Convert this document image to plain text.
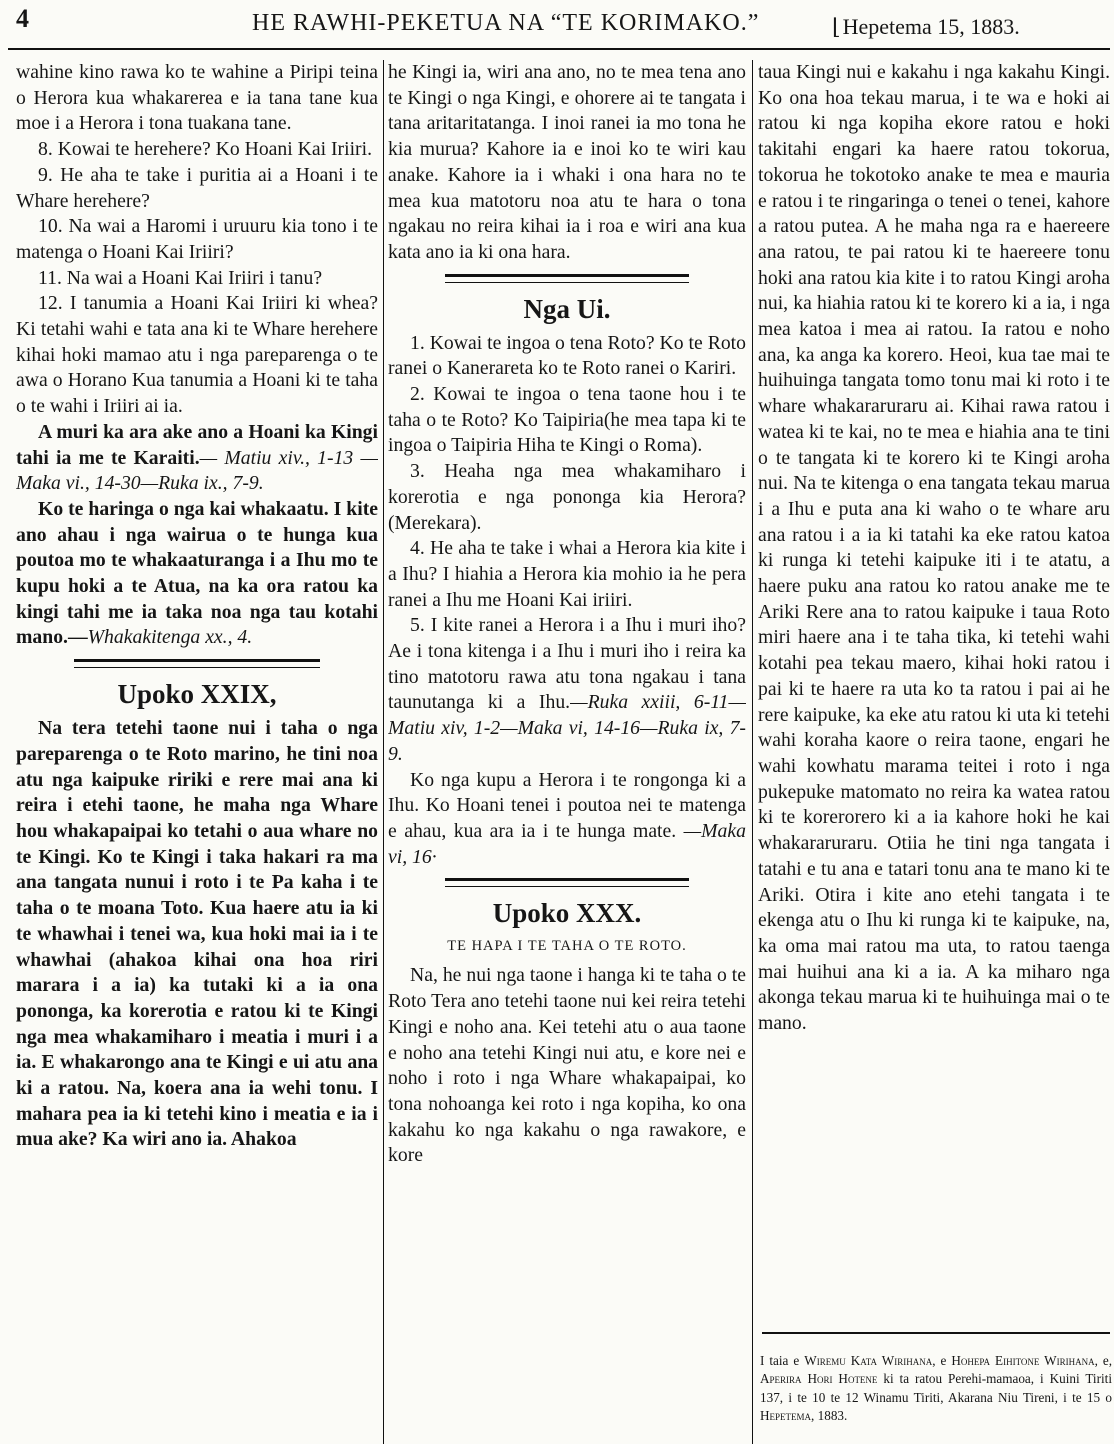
4	HE RAWHI-PEKETUA NA “TE KORIMAKO.”
⌊	Hepetema 15, 1883.

wahine kino rawa ko te wahine a Piripi teina o Herora kua whakarerea e ia tana tane kua moe i a Herora i tona tuakana tane.

8. Kowai te herehere? Ko Hoani Kai Iriiri.

9. He aha te take i puritia ai a Hoani i te Whare herehere?

10. Na wai a Haromi i uruuru kia tono i te matenga o Hoani Kai Iriiri?

11. Na wai a Hoani Kai Iriiri i tanu?

12. I tanumia a Hoani Kai Iriiri ki whea? Ki tetahi wahi e tata ana ki te Whare herehere kihai hoki mamao atu i nga pareparenga o te awa o Horano Kua tanumia a Hoani ki te taha o te wahi i Iriiri ai ia.

A muri ka ara ake ano a Hoani ka Kingi tahi ia me te Karaiti.— Matiu xiv., 1-13 — Maka vi., 14-30—Ruka ix., 7-9.

Ko te haringa o nga kai whakaatu. I kite ano ahau i nga wairua o te hunga kua poutoa mo te whakaaturanga i a Ihu mo te kupu hoki a te Atua, na ka ora ratou ka kingi tahi me ia taka noa nga tau kotahi mano.—Whakakitenga xx., 4.

Upoko XXIX,

Na tera tetehi taone nui i taha o nga pareparenga o te Roto marino, he tini noa atu nga kaipuke ririki e rere mai ana ki reira i etehi taone, he maha nga Whare hou whakapaipai ko tetahi o aua whare no te Kingi. Ko te Kingi i taka hakari ra ma ana tangata nunui i roto i te Pa kaha i te taha o te moana Toto. Kua haere atu ia ki te whawhai i tenei wa, kua hoki mai ia i te whawhai (ahakoa kihai ona hoa riri marara i a ia) ka tutaki ki a ia ona pononga, ka korerotia e ratou ki te Kingi nga mea whakamiharo i meatia i muri i a ia. E whakarongo ana te Kingi e ui atu ana ki a ratou. Na, koera ana ia wehi tonu. I mahara pea ia ki tetehi kino i meatia e ia i mua ake? Ka wiri ano ia. Ahakoa

he Kingi ia, wiri ana ano, no te mea tena ano te Kingi o nga Kingi, e ohorere ai te tangata i tana aritaritatanga. I inoi ranei ia mo tona he kia murua? Kahore ia e inoi ko te wiri kau anake. Kahore ia i whaki i ona hara no te mea kua matotoru noa atu te hara o tona ngakau no reira kihai ia i roa e wiri ana kua kata ano ia ki ona hara.

Nga Ui.

1. Kowai te ingoa o tena Roto? Ko te Roto ranei o Kanerareta ko te Roto ranei o Kariri.

2. Kowai te ingoa o tena taone hou i te taha o te Roto? Ko Taipiria(he mea tapa ki te ingoa o Taipiria Hiha te Kingi o Roma).

3. Heaha nga mea whakamiharo i korerotia e nga pononga kia Herora? (Merekara).

4. He aha te take i whai a Herora kia kite i a Ihu? I hiahia a Herora kia mohio ia he pera ranei a Ihu me Hoani Kai iriiri.

5. I kite ranei a Herora i a Ihu i muri iho? Ae i tona kitenga i a Ihu i muri iho i reira ka tino matotoru rawa atu tona ngakau i tana taunutanga ki a Ihu.—Ruka xxiii, 6-11—Matiu xiv, 1-2—Maka vi, 14-16—Ruka ix, 7-9.

Ko nga kupu a Herora i te rongonga ki a Ihu. Ko Hoani tenei i poutoa nei te matenga e ahau, kua ara ia i te hunga mate. —Maka vi, 16·

Upoko XXX.

TE HAPA I TE TAHA O TE ROTO.

Na, he nui nga taone i hanga ki te taha o te Roto Tera ano tetehi taone nui kei reira tetehi Kingi e noho ana. Kei tetehi atu o aua taone e noho ana tetehi Kingi nui atu, e kore nei e noho i roto i nga Whare whakapaipai, ko tona nohoanga kei roto i nga kopiha, ko ona kakahu ko nga kakahu o nga rawakore, e kore

taua Kingi nui e kakahu i nga kakahu Kingi. Ko ona hoa tekau marua, i te wa e hoki ai ratou ki nga kopiha ekore ratou e hoki takitahi engari ka haere ratou tokorua, tokorua he tokotoko anake te mea e mauria e ratou i te ringaringa o tenei o tenei, kahore a ratou putea. A he maha nga ra e haereere ana ratou, te pai ratou ki te haereere tonu hoki ana ratou kia kite i to ratou Kingi aroha nui, ka hiahia ratou ki te korero ki a ia, i nga mea katoa i mea ai ratou. Ia ratou e noho ana, ka anga ka korero. Heoi, kua tae mai te huihuinga tangata tomo tonu mai ki roto i te whare whakararuraru ai. Kihai rawa ratou i watea ki te kai, no te mea e hiahia ana te tini o te tangata ki te korero ki te Kingi aroha nui. Na te kitenga o ena tangata tekau marua i a Ihu e puta ana ki waho o te whare aru ana ratou i a ia ki tatahi ka eke ratou katoa ki runga ki tetehi kaipuke iti i te atatu, a haere puku ana ratou ko ratou anake me te Ariki Rere ana to ratou kaipuke i taua Roto miri haere ana i te taha tika, ki tetehi wahi kotahi pea tekau maero, kihai hoki ratou i pai ki te haere ra uta ko ta ratou i pai ai he rere kaipuke, ka eke atu ratou ki uta ki tetehi wahi koraha kaore o reira taone, engari he wahi kowhatu marama teitei i roto i nga pukepuke matomato no reira ka watea ratou ki te korerorero ki a ia kahore hoki he kai whakararuraru. Otiia he tini nga tangata i tatahi e tu ana e tatari tonu ana te mano ki te Ariki. Otira i kite ano etehi tangata i te ekenga atu o Ihu ki runga ki te kaipuke, na, ka oma mai ratou ma uta, to ratou taenga mai huihui ana ki a ia. A ka miharo nga akonga tekau marua ki te huihuinga mai o te mano.

I taia e Wiremu Kata Wirihana, e Hohepa Eihitone Wirihana, e, Aperira Hori Hotene ki ta ratou Perehi-mamaoa, i Kuini Tiriti 137, i te 10 te 12 Winamu Tiriti, Akarana Niu Tireni, i te 15 o Hepetema, 1883.
